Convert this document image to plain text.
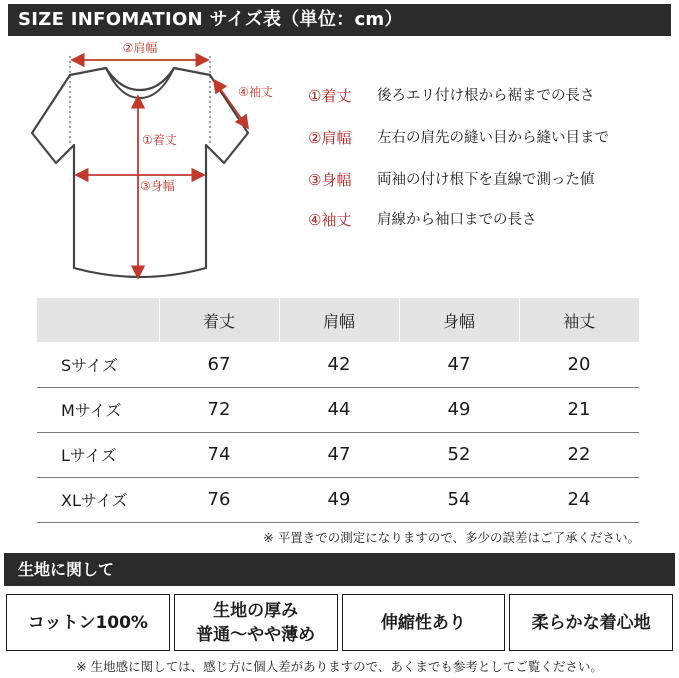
SIZE INFOMATION サイズ表（単位：cm）
②肩幅
④袖丈
①着丈
③身幅
①着丈 後ろエリ付け根から裾までの長さ
②肩幅 左右の肩先の縫い目から縫い目まで
③身幅 両袖の付け根下を直線で測った値
④袖丈 肩線から袖口までの長さ
	着丈	肩幅	身幅	袖丈
Sサイズ	67	42	47	20
Mサイズ	72	44	49	21
Lサイズ	74	47	52	22
XLサイズ	76	49	54	24
※ 平置きでの測定になりますので、多少の誤差はご了承ください。
生地に関して
コットン100%
生地の厚み
普通〜やや薄め
伸縮性あり	柔らかな着心地
※ 生地感に関しては、感じ方に個人差がありますので、あくまでも参考としてご覧ください。
